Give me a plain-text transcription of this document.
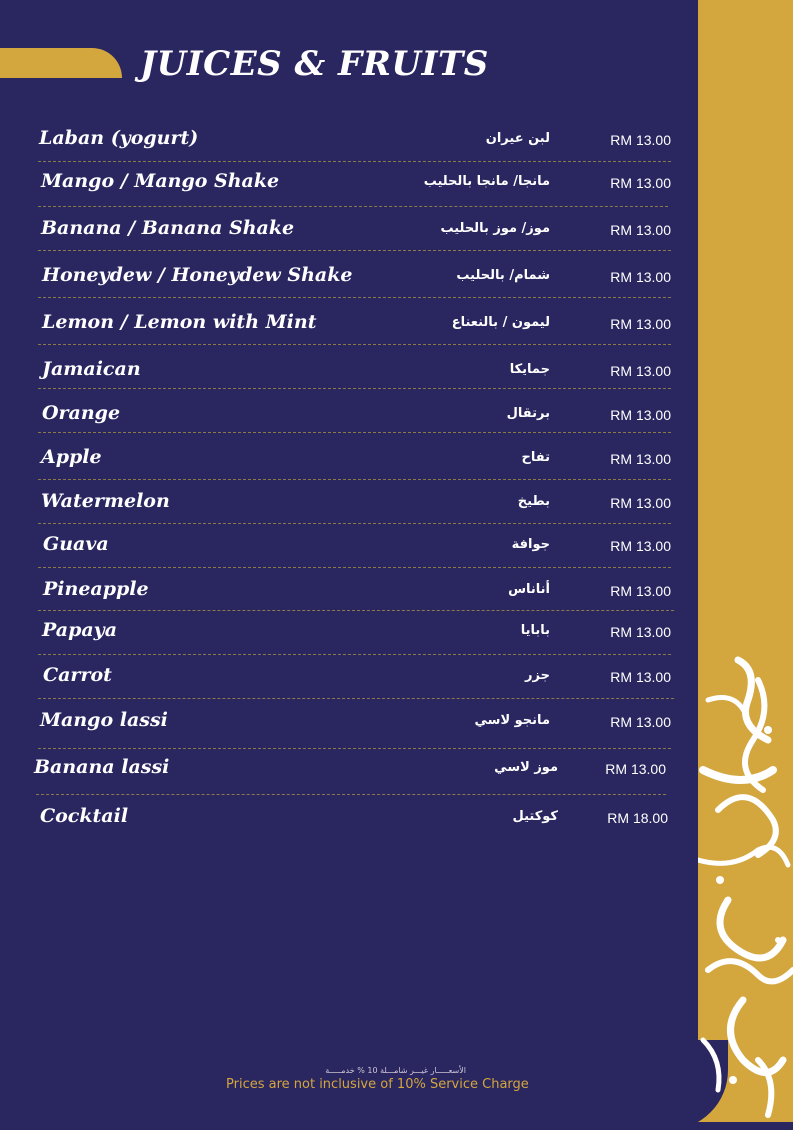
JUICES & FRUITS
Laban (yogurt)	لبن عيران	RM 13.00
Mango / Mango Shake	مانجا/ مانجا بالحليب	RM 13.00
Banana / Banana Shake	موز/ موز بالحليب	RM 13.00
Honeydew / Honeydew Shake	شمام/ بالحليب	RM 13.00
Lemon / Lemon with Mint	ليمون / بالنعناع	RM 13.00
Jamaican	جمايكا	RM 13.00
Orange	برتقال	RM 13.00
Apple	تفاح	RM 13.00
Watermelon	بطيخ	RM 13.00
Guava	جوافة	RM 13.00
Pineapple	أناناس	RM 13.00
Papaya	بابايا	RM 13.00
Carrot	جزر	RM 13.00
Mango lassi	مانجو لاسي	RM 13.00
Banana lassi	موز لاسي	RM 13.00
Cocktail	كوكتيل	RM 18.00
الأسعـــــار غيـــر شامـــلة 10 % خدمـــــة
Prices are not inclusive of 10% Service Charge
